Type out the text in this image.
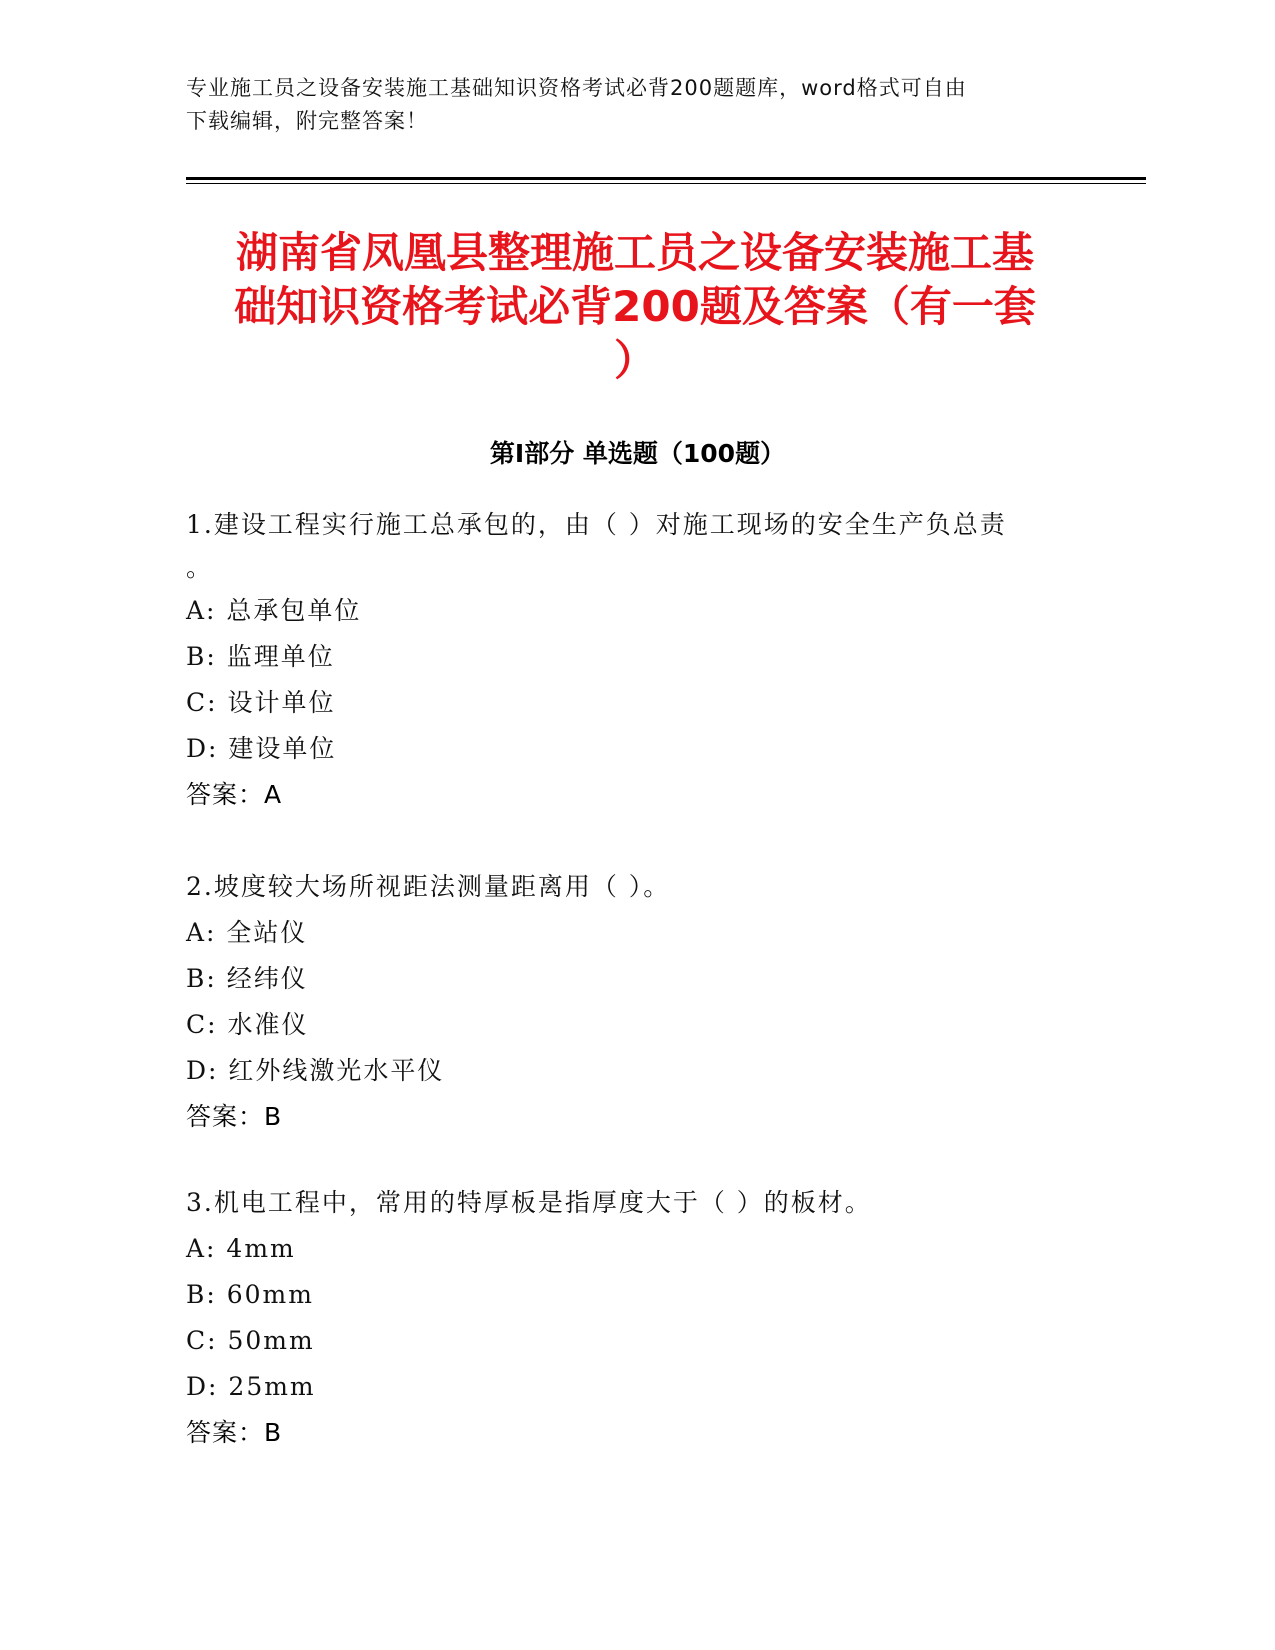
专业施工员之设备安装施工基础知识资格考试必背200题题库，word格式可自由
下载编辑，附完整答案！
湖南省凤凰县整理施工员之设备安装施工基
础知识资格考试必背200题及答案（有一套
）
第Ⅰ部分 单选题（100题）
1.建设工程实行施工总承包的，由（ ）对施工现场的安全生产负总责
。
A: 总承包单位
B: 监理单位
C: 设计单位
D: 建设单位
答案：A
2.坡度较大场所视距法测量距离用（ ）。
A: 全站仪
B: 经纬仪
C: 水准仪
D: 红外线激光水平仪
答案：B
3.机电工程中，常用的特厚板是指厚度大于（ ）的板材。
A: 4mm
B: 60mm
C: 50mm
D: 25mm
答案：B
